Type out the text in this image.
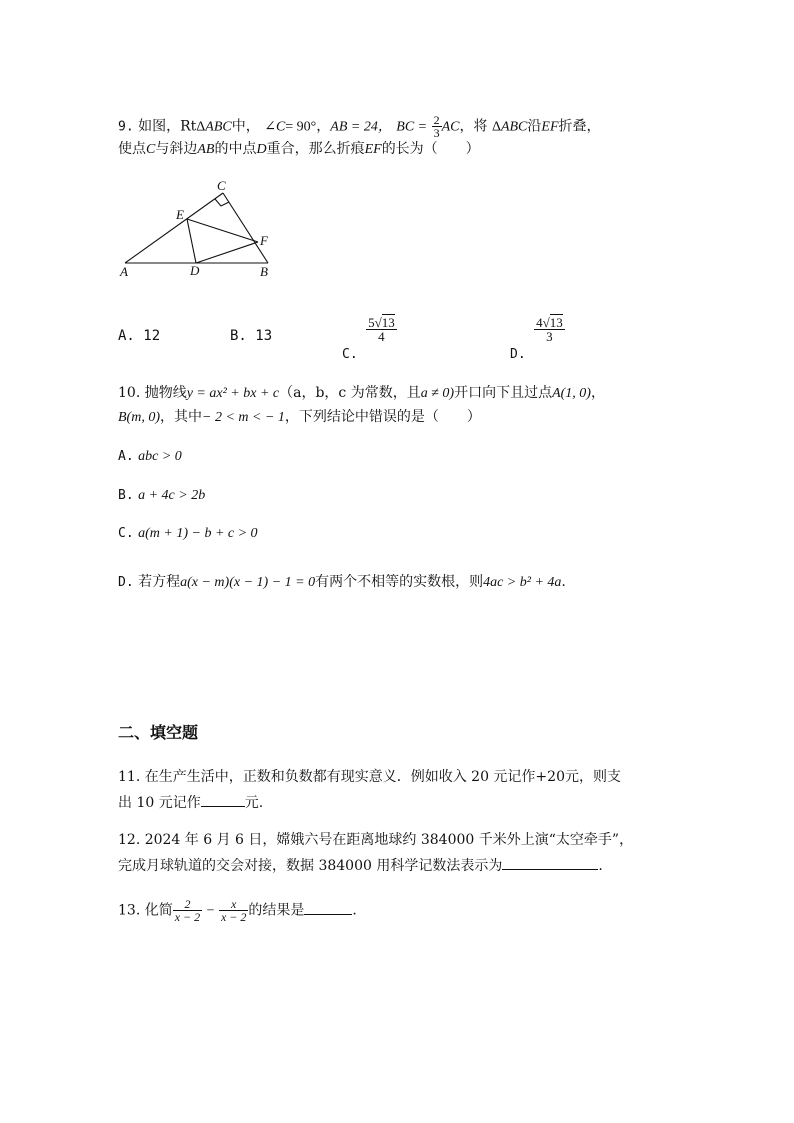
9. 如图，RtΔABC中， ∠C= 90°，AB = 24， BC = $\frac{2}{3}$ AC，将 ΔABC沿EF折叠，
使点C与斜边AB的中点D重合，那么折痕EF的长为（　　）
A	B
C
D
E
F
A. 12	B. 13
C.
$\frac{5√13}{4}$
D.
$\frac{4√13}{3}$
10. 抛物线y = ax² + bx + c（a，b，c 为常数，且a ≠ 0)开口向下且过点A(1, 0)，
B(m, 0)，其中− 2 < m < − 1，下列结论中错误的是（　　）
A. abc > 0
B. a + 4c > 2b
C. a(m + 1) − b + c > 0
D. 若方程a(x − m)(x − 1) − 1 = 0有两个不相等的实数根，则4ac > b² + 4a.
二、填空题
11. 在生产生活中，正数和负数都有现实意义．例如收入 20 元记作+20元，则支
出 10 元记作	元.
12. 2024 年 6 月 6 日，嫦娥六号在距离地球约 384000 千米外上演“太空牵手”，
完成月球轨道的交会对接，数据 384000 用科学记数法表示为	.
13. 化简 $\frac{2}{x - 2} - \frac{x}{x - 2}$ 的结果是	.
